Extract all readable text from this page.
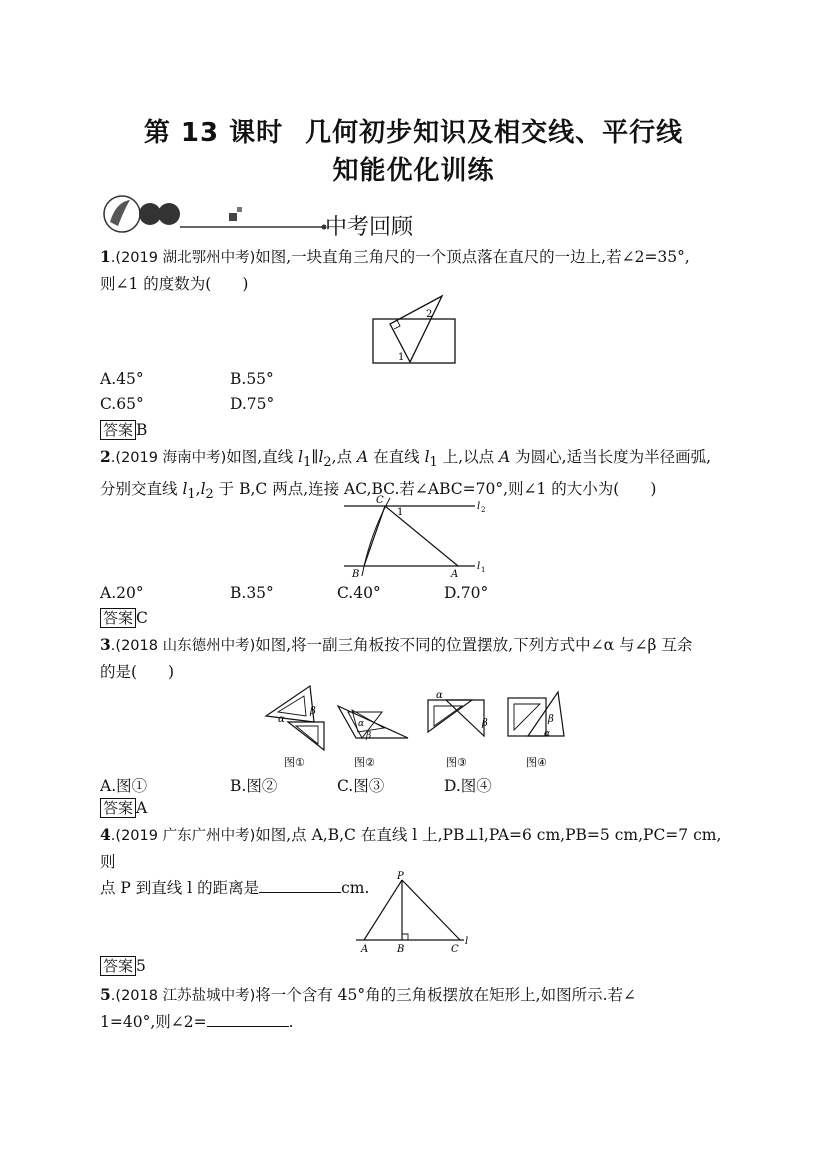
第 13 课时 几何初步知识及相交线、平行线
知能优化训练
中考回顾
1.(2019 湖北鄂州中考)如图,一块直角三角尺的一个顶点落在直尺的一边上,若∠2=35°,
则∠1 的度数为(　　)
2
1
A.45°	B.55°
C.65°	D.75°
答案 B
2.(2019 海南中考)如图,直线 $l_1\parallel l_2$,点 A 在直线 $l_1$ 上,以点 A 为圆心,适当长度为半径画弧,
分别交直线 $l_1,l_2$ 于 B,C 两点,连接 AC,BC.若∠ABC=70°,则∠1 的大小为(　　)
C
1
B	A
l 2
l 1
A.20°	B.35°	C.40°	D.70°
答案 C
3.(2018 山东德州中考)如图,将一副三角板按不同的位置摆放,下列方式中∠α 与∠β 互余
的是(　　)
α
β
图①
α
β
图②
α
β
图③
β
α
图④
A.图①	B.图②	C.图③	D.图④
答案 A
4.(2019 广东广州中考)如图,点 A,B,C 在直线 l 上,PB⊥l,PA=6 cm,PB=5 cm,PC=7 cm,则
点 P 到直线 l 的距离是	cm.
P
A	B	C
l
答案 5
5.(2018 江苏盐城中考)将一个含有 45°角的三角板摆放在矩形上,如图所示.若∠
1=40°,则∠2=	.
